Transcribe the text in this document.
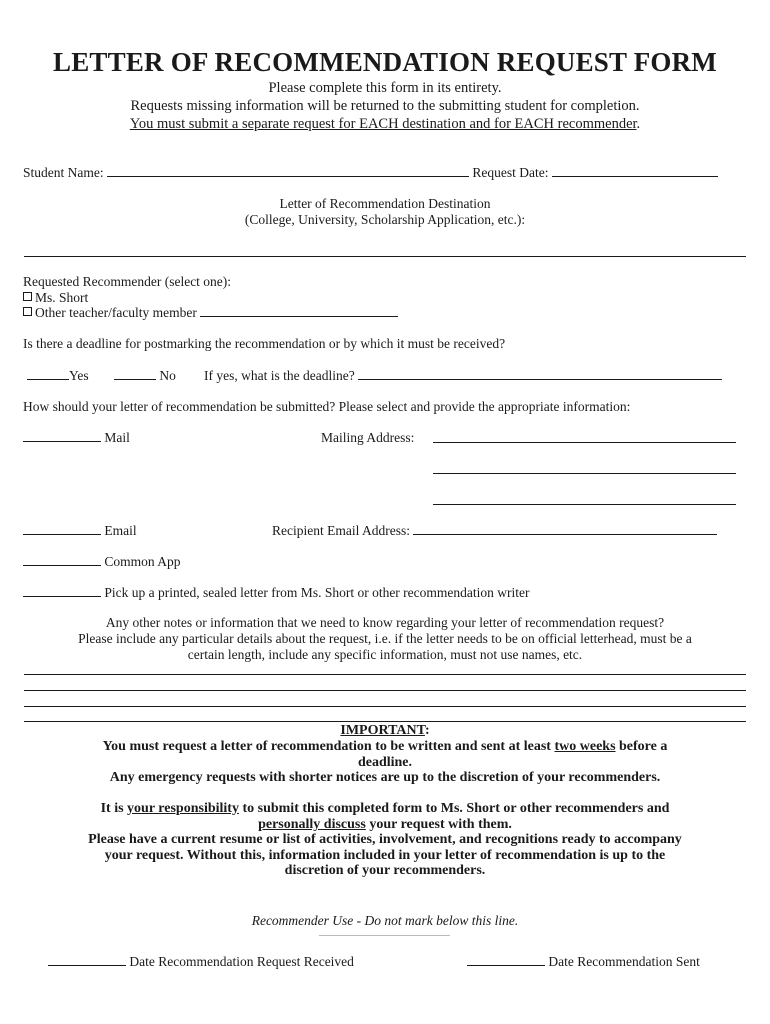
LETTER OF RECOMMENDATION REQUEST FORM
Please complete this form in its entirety.
Requests missing information will be returned to the submitting student for completion.
You must submit a separate request for EACH destination and for EACH recommender.
Student Name:	Request Date:
Letter of Recommendation Destination
(College, University, Scholarship Application, etc.):
Requested Recommender (select one):
Ms. Short
Other teacher/faculty member
Is there a deadline for postmarking the recommendation or by which it must be received?
Yes	No If yes, what is the deadline?
How should your letter of recommendation be submitted? Please select and provide the appropriate information:
Mail	Mailing Address:
Email	Recipient Email Address:
Common App
Pick up a printed, sealed letter from Ms. Short or other recommendation writer
Any other notes or information that we need to know regarding your letter of recommendation request?
Please include any particular details about the request, i.e. if the letter needs to be on official letterhead, must be a
certain length, include any specific information, must not use names, etc.
IMPORTANT:
You must request a letter of recommendation to be written and sent at least two weeks before a
deadline.
Any emergency requests with shorter notices are up to the discretion of your recommenders.
It is your responsibility to submit this completed form to Ms. Short or other recommenders and
personally discuss your request with them.
Please have a current resume or list of activities, involvement, and recognitions ready to accompany
your request. Without this, information included in your letter of recommendation is up to the
discretion of your recommenders.
Recommender Use - Do not mark below this line.
Date Recommendation Request Received	Date Recommendation Sent
